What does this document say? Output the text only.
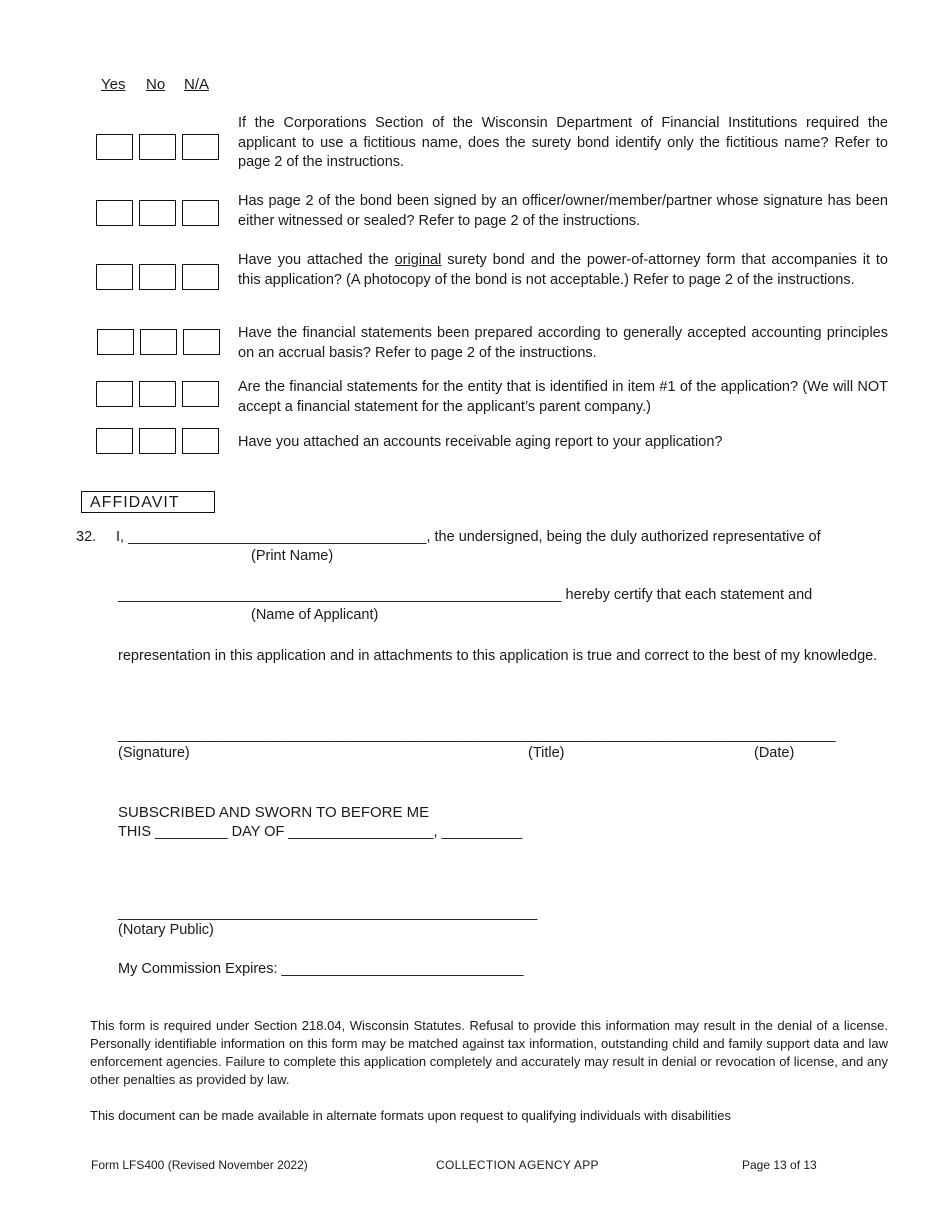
Yes No N/A
If the Corporations Section of the Wisconsin Department of Financial Institutions required the applicant to use a fictitious name, does the surety bond identify only the fictitious name? Refer to page 2 of the instructions.
Has page 2 of the bond been signed by an officer/owner/member/partner whose signature has been either witnessed or sealed? Refer to page 2 of the instructions.
Have you attached the original surety bond and the power-of-attorney form that accompanies it to this application? (A photocopy of the bond is not acceptable.) Refer to page 2 of the instructions.
Have the financial statements been prepared according to generally accepted accounting principles on an accrual basis? Refer to page 2 of the instructions.
Are the financial statements for the entity that is identified in item #1 of the application? (We will NOT accept a financial statement for the applicant’s parent company.)
Have you attached an accounts receivable aging report to your application?
AFFIDAVIT
32. I, _____________________________________, the undersigned, being the duly authorized representative of
(Print Name)
_______________________________________________________ hereby certify that each statement and
(Name of Applicant)
representation in this application and in attachments to this application is true and correct to the best of my knowledge.
_________________________________________________________________________________________
(Signature)	(Title)	(Date)
SUBSCRIBED AND SWORN TO BEFORE ME
THIS _________ DAY OF __________________, __________
____________________________________________________
(Notary Public)
My Commission Expires: ______________________________
This form is required under Section 218.04, Wisconsin Statutes. Refusal to provide this information may result in the denial of a license. Personally identifiable information on this form may be matched against tax information, outstanding child and family support data and law enforcement agencies. Failure to complete this application completely and accurately may result in denial or revocation of license, and any other penalties as provided by law.
This document can be made available in alternate formats upon request to qualifying individuals with disabilities
Form LFS400 (Revised November 2022)	COLLECTION AGENCY APP	Page 13 of 13
